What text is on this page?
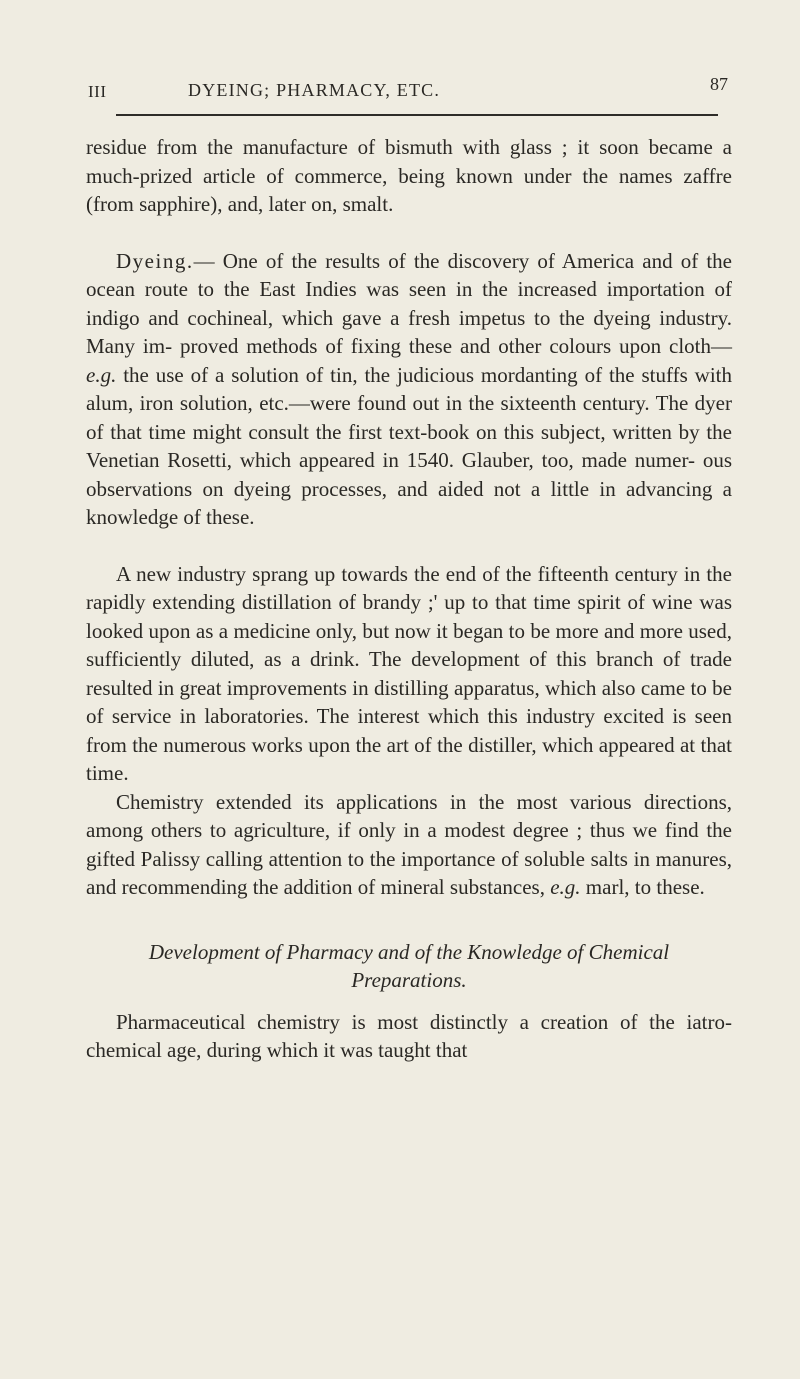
III	DYEING; PHARMACY, ETC.	87

residue from the manufacture of bismuth with glass ; it soon became a much-prized article of commerce, being known under the names zaffre (from sapphire), and, later on, smalt.

Dyeing.— One of the results of the discovery of America and of the ocean route to the East Indies was seen in the increased importation of indigo and cochineal, which gave a fresh impetus to the dyeing industry. Many im- proved methods of fixing these and other colours upon cloth— e.g. the use of a solution of tin, the judicious mordanting of the stuffs with alum, iron solution, etc.—were found out in the sixteenth century. The dyer of that time might consult the first text-book on this subject, written by the Venetian Rosetti, which appeared in 1540. Glauber, too, made numer- ous observations on dyeing processes, and aided not a little in advancing a knowledge of these.

A new industry sprang up towards the end of the fifteenth century in the rapidly extending distillation of brandy ;' up to that time spirit of wine was looked upon as a medicine only, but now it began to be more and more used, sufficiently diluted, as a drink. The development of this branch of trade resulted in great improvements in distilling apparatus, which also came to be of service in laboratories. The interest which this industry excited is seen from the numerous works upon the art of the distiller, which appeared at that time.

Chemistry extended its applications in the most various directions, among others to agriculture, if only in a modest degree ; thus we find the gifted Palissy calling attention to the importance of soluble salts in manures, and recommending the addition of mineral substances, e.g. marl, to these.

Development of Pharmacy and of the Knowledge of Chemical Preparations.

Pharmaceutical chemistry is most distinctly a creation of the iatro-chemical age, during which it was taught that
